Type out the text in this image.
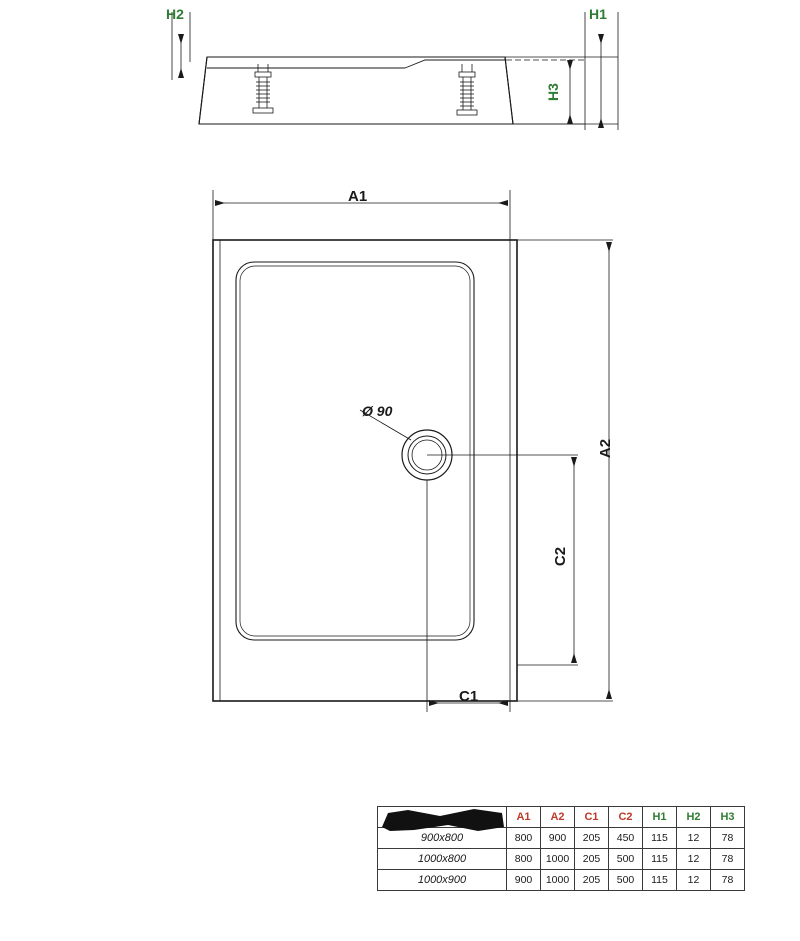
H2	H1
H3
A1
A2
C2
C1
Ø 90
	A1	A2	C1	C2	H1	H2	H3
900x800	800	900	205	450	115	12	78
1000x800	800	1000	205	500	115	12	78
1000x900	900	1000	205	500	115	12	78
